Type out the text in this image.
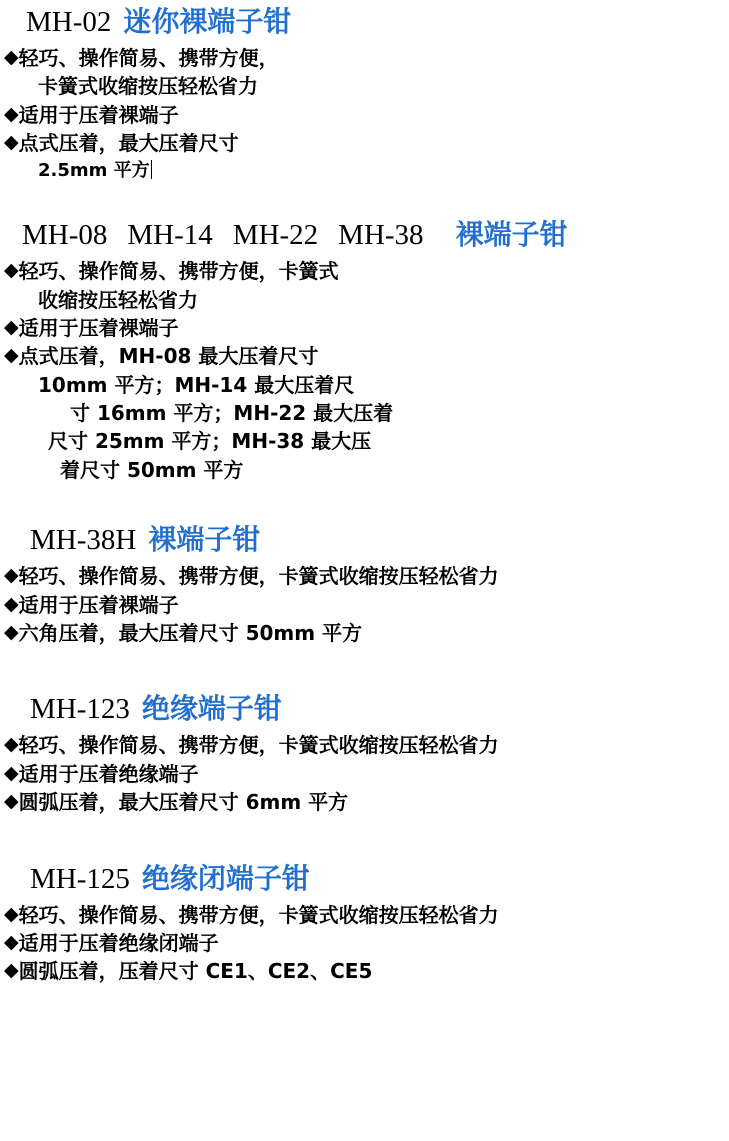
MH-02 迷你裸端子钳
◆ 轻巧、操作简易、携带方便，
卡簧式收缩按压轻松省力
◆ 适用于压着裸端子
◆ 点式压着，最大压着尺寸
2.5mm 平方
MH-08 MH-14 MH-22 MH-38 裸端子钳
◆ 轻巧、操作简易、携带方便，卡簧式
收缩按压轻松省力
◆ 适用于压着裸端子
◆ 点式压着，MH-08 最大压着尺寸
10mm 平方；MH-14 最大压着尺
寸 16mm 平方；MH-22 最大压着
尺寸 25mm 平方；MH-38 最大压
着尺寸 50mm 平方
MH-38H 裸端子钳
◆ 轻巧、操作简易、携带方便，卡簧式收缩按压轻松省力
◆ 适用于压着裸端子
◆ 六角压着，最大压着尺寸 50mm 平方
MH-123 绝缘端子钳
◆ 轻巧、操作简易、携带方便，卡簧式收缩按压轻松省力
◆ 适用于压着绝缘端子
◆ 圆弧压着，最大压着尺寸 6mm 平方
MH-125 绝缘闭端子钳
◆ 轻巧、操作简易、携带方便，卡簧式收缩按压轻松省力
◆ 适用于压着绝缘闭端子
◆ 圆弧压着，压着尺寸 CE1、CE2、CE5
